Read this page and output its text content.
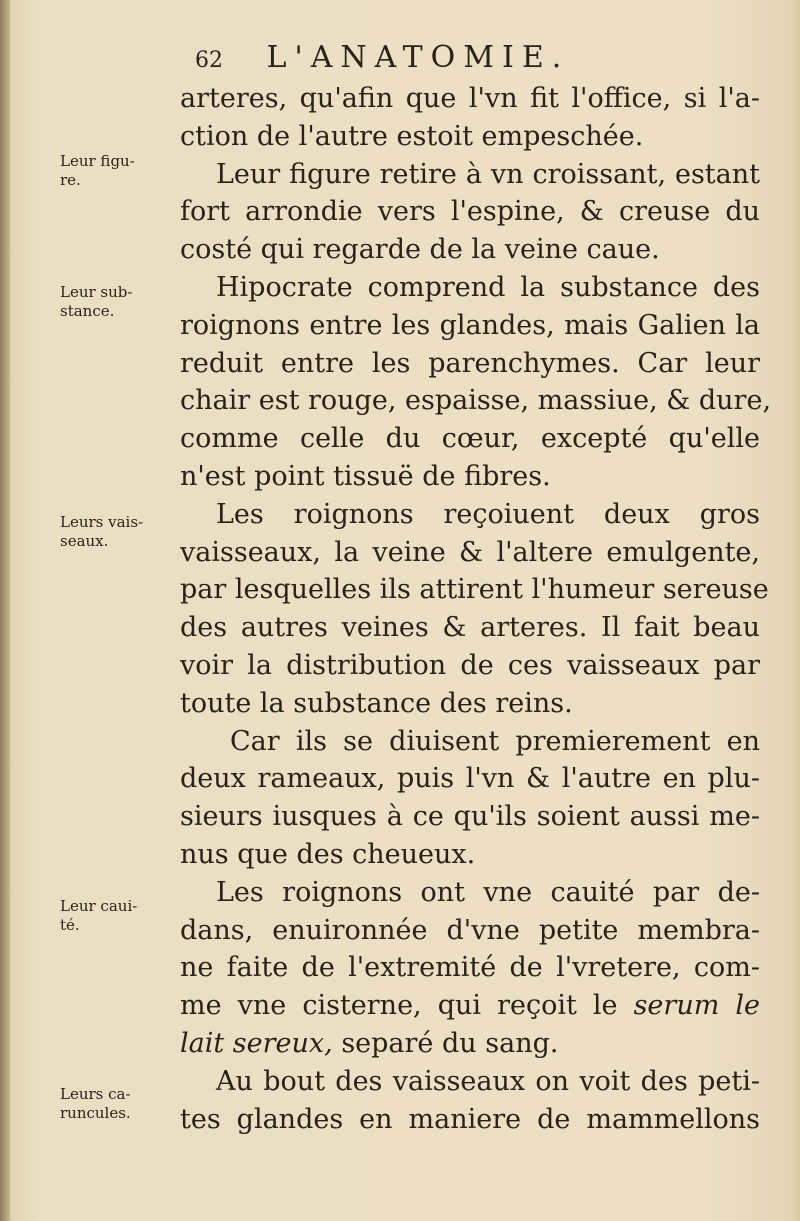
62 L'ANATOMIE.
Leur figu-
re.
Leur sub-
stance.
Leurs vais-
seaux.
Leur caui-
té.
Leurs ca-
runcules.
arteres, qu'afin que l'vn fit l'office, si l'a-
ction de l'autre estoit empeschée.
Leur figure retire à vn croissant, estant
fort arrondie vers l'espine, & creuse du
costé qui regarde de la veine caue.
Hipocrate comprend la substance des
roignons entre les glandes, mais Galien la
reduit entre les parenchymes. Car leur
chair est rouge, espaisse, massiue, & dure,
comme celle du cœur, excepté qu'elle
n'est point tissuë de fibres.
Les roignons reçoiuent deux gros
vaisseaux, la veine & l'altere emulgente,
par lesquelles ils attirent l'humeur sereuse
des autres veines & arteres. Il fait beau
voir la distribution de ces vaisseaux par
toute la substance des reins.
Car ils se diuisent premierement en
deux rameaux, puis l'vn & l'autre en plu-
sieurs iusques à ce qu'ils soient aussi me-
nus que des cheueux.
Les roignons ont vne cauité par de-
dans, enuironnée d'vne petite membra-
ne faite de l'extremité de l'vretere, com-
me vne cisterne, qui reçoit le serum le
lait sereux, separé du sang.
Au bout des vaisseaux on voit des peti-
tes glandes en maniere de mammellons
